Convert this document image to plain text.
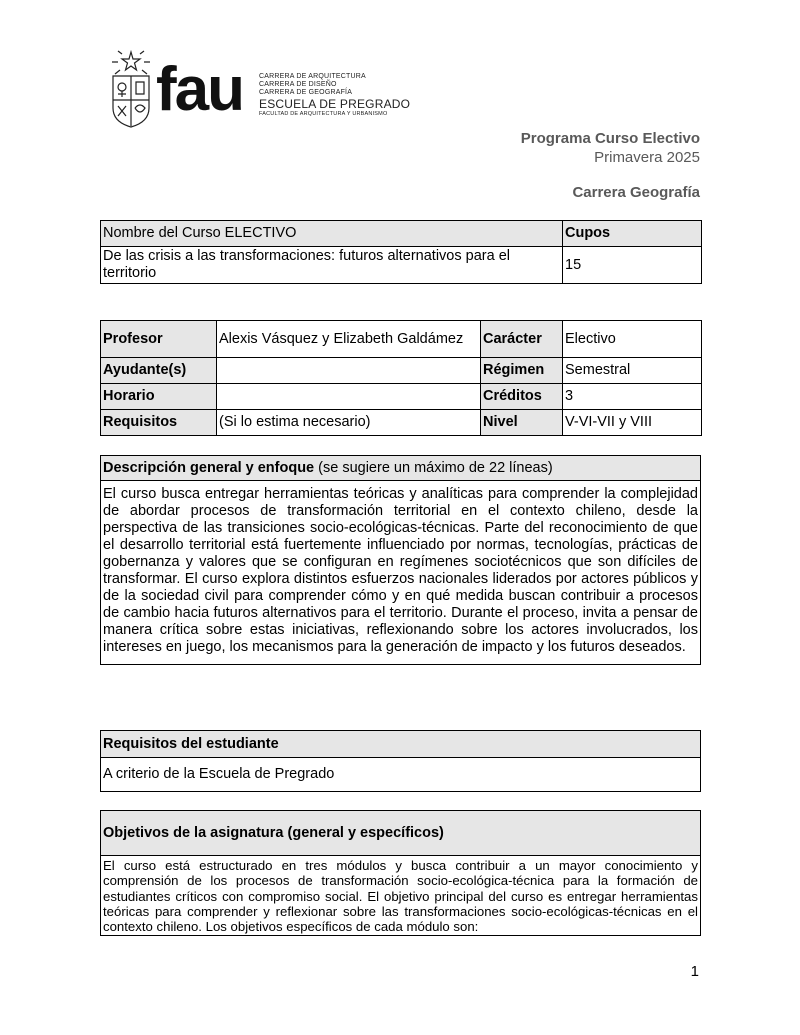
fau CARRERA DE ARQUITECTURA
CARRERA DE DISEÑO
CARRERA DE GEOGRAFÍA
ESCUELA DE PREGRADO
FACULTAD DE ARQUITECTURA Y URBANISMO
Programa Curso Electivo
Primavera 2025
Carrera Geografía
Nombre del Curso ELECTIVO	Cupos
De las crisis a las transformaciones: futuros alternativos para el territorio	15
Profesor	Alexis Vásquez y Elizabeth Galdámez	Carácter	Electivo
Ayudante(s)		Régimen	Semestral
Horario		Créditos	3
Requisitos	(Si lo estima necesario)	Nivel	V-VI-VII y VIII
Descripción general y enfoque (se sugiere un máximo de 22 líneas)
El curso busca entregar herramientas teóricas y analíticas para comprender la complejidad de abordar procesos de transformación territorial en el contexto chileno, desde la perspectiva de las transiciones socio-ecológicas-técnicas. Parte del reconocimiento de que el desarrollo territorial está fuertemente influenciado por normas, tecnologías, prácticas de gobernanza y valores que se configuran en regímenes sociotécnicos que son difíciles de transformar. El curso explora distintos esfuerzos nacionales liderados por actores públicos y de la sociedad civil para comprender cómo y en qué medida buscan contribuir a procesos de cambio hacia futuros alternativos para el territorio. Durante el proceso, invita a pensar de manera crítica sobre estas iniciativas, reflexionando sobre los actores involucrados, los intereses en juego, los mecanismos para la generación de impacto y los futuros deseados.
Requisitos del estudiante
A criterio de la Escuela de Pregrado
Objetivos de la asignatura (general y específicos)
El curso está estructurado en tres módulos y busca contribuir a un mayor conocimiento y comprensión de los procesos de transformación socio-ecológica-técnica para la formación de estudiantes críticos con compromiso social. El objetivo principal del curso es entregar herramientas teóricas para comprender y reflexionar sobre las transformaciones socio-ecológicas-técnicas en el contexto chileno. Los objetivos específicos de cada módulo son:
1
